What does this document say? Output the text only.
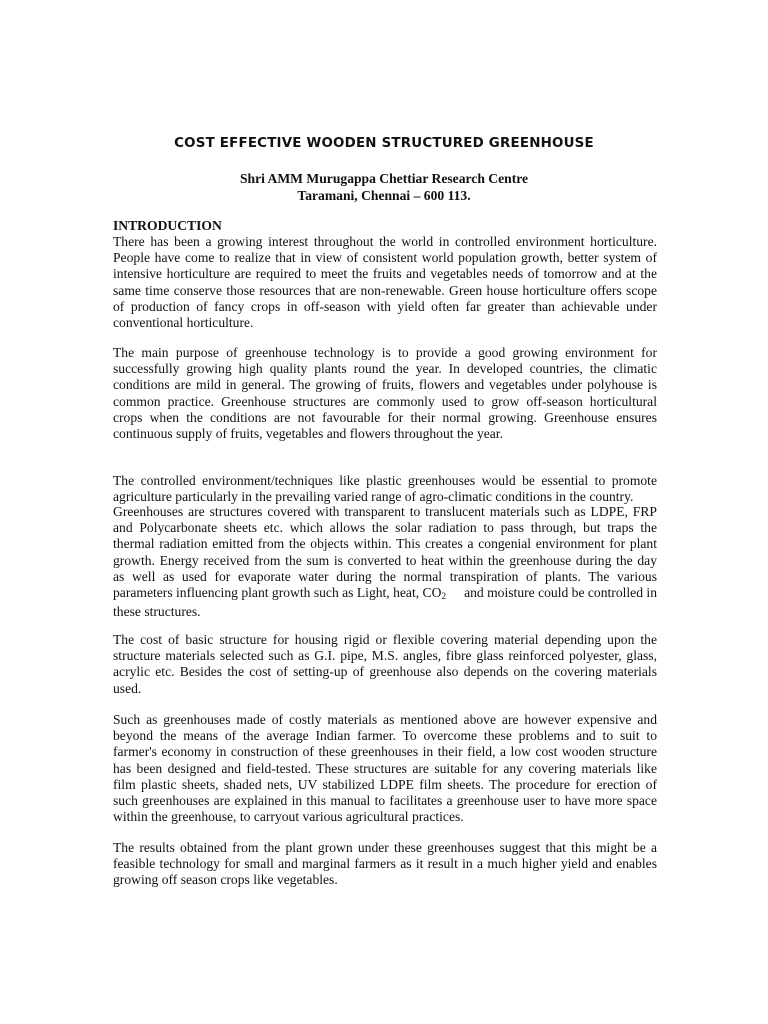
COST EFFECTIVE WOODEN STRUCTURED GREENHOUSE
Shri AMM Murugappa Chettiar Research Centre
Taramani, Chennai – 600 113.
INTRODUCTION
There has been a growing interest throughout the world in controlled environment horticulture.
People have come to realize that in view of consistent world population growth, better system of
intensive horticulture are required to meet the fruits and vegetables needs of tomorrow and at the
same time conserve those resources that are non-renewable. Green house horticulture offers scope
of production of fancy crops in off-season with yield often far greater than achievable under
conventional horticulture.
The main purpose of greenhouse technology is to provide a good growing environment for
successfully growing high quality plants round the year. In developed countries, the climatic
conditions are mild in general. The growing of fruits, flowers and vegetables under polyhouse is
common practice. Greenhouse structures are commonly used to grow off-season horticultural
crops when the conditions are not favourable for their normal growing. Greenhouse ensures
continuous supply of fruits, vegetables and flowers throughout the year.
The controlled environment/techniques like plastic greenhouses would be essential to promote
agriculture particularly in the prevailing varied range of agro-climatic conditions in the country.
Greenhouses are structures covered with transparent to translucent materials such as LDPE, FRP
and Polycarbonate sheets etc. which allows the solar radiation to pass through, but traps the
thermal radiation emitted from the objects within. This creates a congenial environment for plant
growth. Energy received from the sum is converted to heat within the greenhouse during the day
as well as used for evaporate water during the normal transpiration of plants. The various
parameters influencing plant growth such as Light, heat, $CO_2$ and moisture could be controlled in
these structures.
The cost of basic structure for housing rigid or flexible covering material depending upon the
structure materials selected such as G.I. pipe, M.S. angles, fibre glass reinforced polyester, glass,
acrylic etc. Besides the cost of setting-up of greenhouse also depends on the covering materials
used.
Such as greenhouses made of costly materials as mentioned above are however expensive and
beyond the means of the average Indian farmer. To overcome these problems and to suit to
farmer's economy in construction of these greenhouses in their field, a low cost wooden structure
has been designed and field-tested. These structures are suitable for any covering materials like
film plastic sheets, shaded nets, UV stabilized LDPE film sheets. The procedure for erection of
such greenhouses are explained in this manual to facilitates a greenhouse user to have more space
within the greenhouse, to carryout various agricultural practices.
The results obtained from the plant grown under these greenhouses suggest that this might be a
feasible technology for small and marginal farmers as it result in a much higher yield and enables
growing off season crops like vegetables.
